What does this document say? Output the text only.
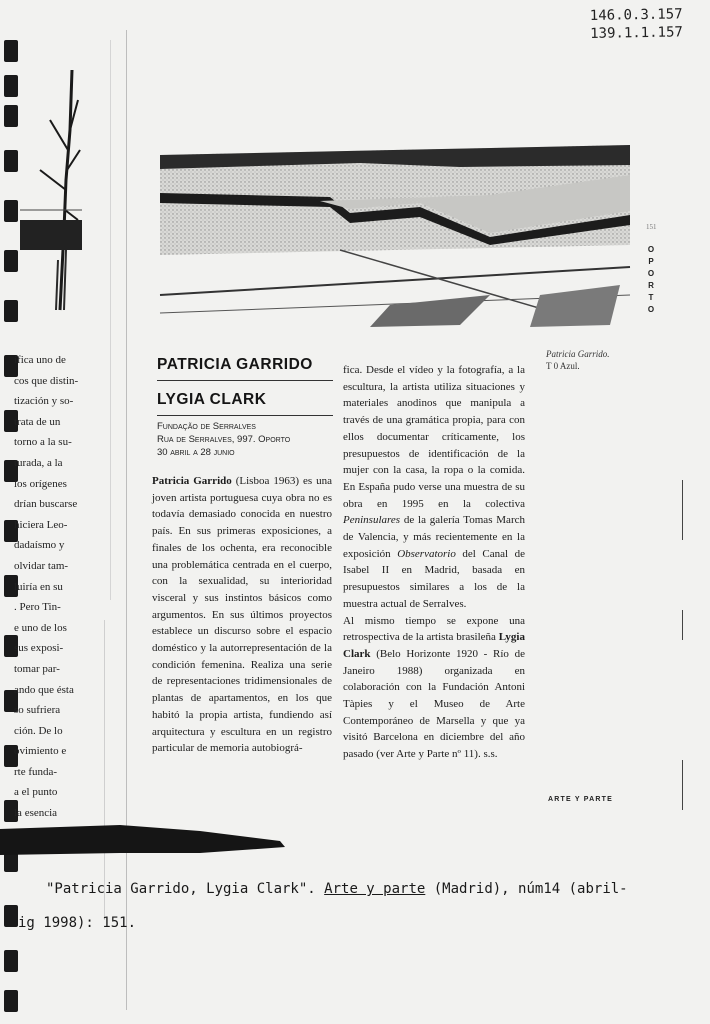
146.0.3.157
139.1.1.157
ifica uno de
cos que distin-
tización y so-
trata de un
torno a la su-
turada, a la
los orígenes
drían buscarse
hiciera Leo-
dadaísmo y
olvidar tam-
luiría en su
. Pero Tin-
e uno de los
sus exposi-
tomar par-
ando que ésta
so sufriera
ción. De lo
ovimiento e
rte funda-
a el punto
la esencia
151
O
P
O
R
T
O
Patricia Garrido.
T 0 Azul.
PATRICIA GARRIDO
LYGIA CLARK
Fundação de Serralves
Rua de Serralves, 997. Oporto
30 abril a 28 junio

Patricia Garrido (Lisboa 1963) es una joven artista portuguesa cuya obra no es todavía demasiado conocida en nuestro país. En sus primeras exposiciones, a finales de los ochenta, era reconocible una problemática centrada en el cuerpo, con la sexualidad, su interioridad visceral y sus instintos básicos como argumentos. En sus últimos proyectos establece un discurso sobre el espacio doméstico y la autorrepresentación de la condición femenina. Realiza una serie de representaciones tridimensionales de plantas de apartamentos, en los que habitó la propia artista, fundiendo así arquitectura y escultura en un registro particular de memoria autobiográ-

fica. Desde el vídeo y la fotografía, a la escultura, la artista utiliza situaciones y materiales anodinos que manipula a través de una gramática propia, para con ellos documentar críticamente, los presupuestos de identificación de la mujer con la casa, la ropa o la comida. En España pudo verse una muestra de su obra en 1995 en la colectiva Peninsulares de la galería Tomas March de Valencia, y más recientemente en la exposición Observatorio del Canal de Isabel II en Madrid, basada en presupuestos similares a los de la muestra actual de Serralves.

Al mismo tiempo se expone una retrospectiva de la artista brasileña Lygia Clark (Belo Horizonte 1920 - Río de Janeiro 1988) organizada en colaboración con la Fundación Antoni Tàpies y el Museo de Arte Contemporáneo de Marsella y que ya visitó Barcelona en diciembre del año pasado (ver Arte y Parte nº 11). s.s.

ARTE Y PARTE
"Patricia Garrido, Lygia Clark". Arte y parte (Madrid), núm14 (abril-
ig 1998): 151.
